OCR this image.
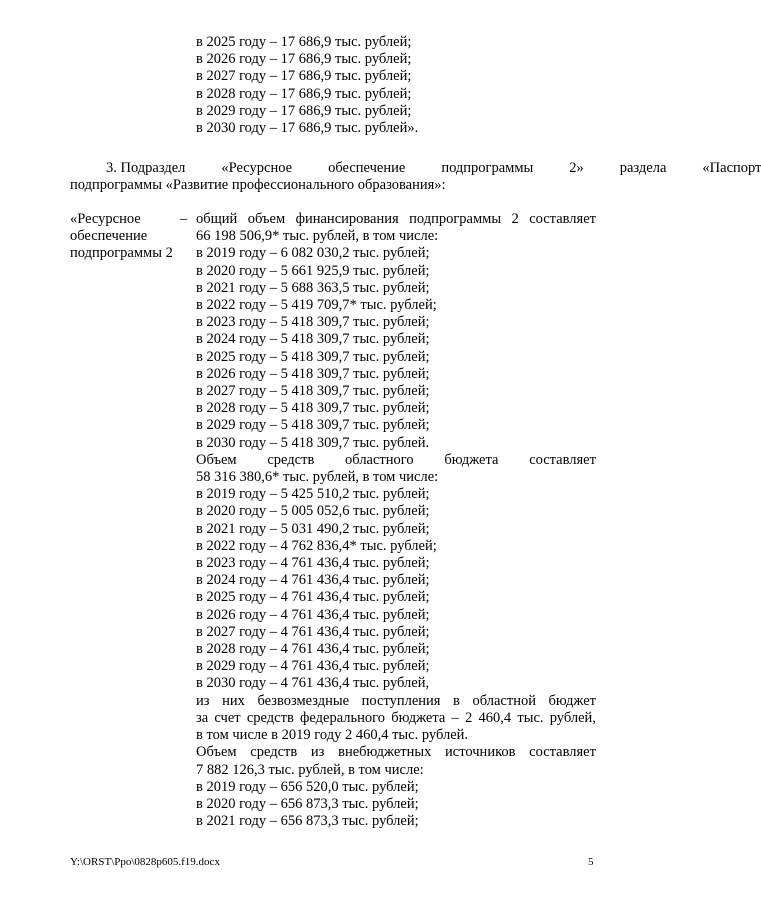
в 2025 году – 17 686,9 тыс. рублей;
в 2026 году – 17 686,9 тыс. рублей;
в 2027 году – 17 686,9 тыс. рублей;
в 2028 году – 17 686,9 тыс. рублей;
в 2029 году – 17 686,9 тыс. рублей;
в 2030 году – 17 686,9 тыс. рублей».
3. Подраздел	«Ресурсное	обеспечение	подпрограммы	2»	раздела	«Паспорт
подпрограммы «Развитие профессионального образования»:
«Ресурсное
обеспечение
подпрограммы 2
– общий объем финансирования подпрограммы 2 составляет
66 198 506,9* тыс. рублей, в том числе:
в 2019 году – 6 082 030,2 тыс. рублей;
в 2020 году – 5 661 925,9 тыс. рублей;
в 2021 году – 5 688 363,5 тыс. рублей;
в 2022 году – 5 419 709,7* тыс. рублей;
в 2023 году – 5 418 309,7 тыс. рублей;
в 2024 году – 5 418 309,7 тыс. рублей;
в 2025 году – 5 418 309,7 тыс. рублей;
в 2026 году – 5 418 309,7 тыс. рублей;
в 2027 году – 5 418 309,7 тыс. рублей;
в 2028 году – 5 418 309,7 тыс. рублей;
в 2029 году – 5 418 309,7 тыс. рублей;
в 2030 году – 5 418 309,7 тыс. рублей.
Объем средств областного бюджета составляет
58 316 380,6* тыс. рублей, в том числе:
в 2019 году – 5 425 510,2 тыс. рублей;
в 2020 году – 5 005 052,6 тыс. рублей;
в 2021 году – 5 031 490,2 тыс. рублей;
в 2022 году – 4 762 836,4* тыс. рублей;
в 2023 году – 4 761 436,4 тыс. рублей;
в 2024 году – 4 761 436,4 тыс. рублей;
в 2025 году – 4 761 436,4 тыс. рублей;
в 2026 году – 4 761 436,4 тыс. рублей;
в 2027 году – 4 761 436,4 тыс. рублей;
в 2028 году – 4 761 436,4 тыс. рублей;
в 2029 году – 4 761 436,4 тыс. рублей;
в 2030 году – 4 761 436,4 тыс. рублей,
из них безвозмездные поступления в областной бюджет
за счет средств федерального бюджета – 2 460,4 тыс. рублей,
в том числе в 2019 году 2 460,4 тыс. рублей.
Объем средств из внебюджетных источников составляет
7 882 126,3 тыс. рублей, в том числе:
в 2019 году – 656 520,0 тыс. рублей;
в 2020 году – 656 873,3 тыс. рублей;
в 2021 году – 656 873,3 тыс. рублей;
Y:\ORST\Ppo\0828p605.f19.docx	5
